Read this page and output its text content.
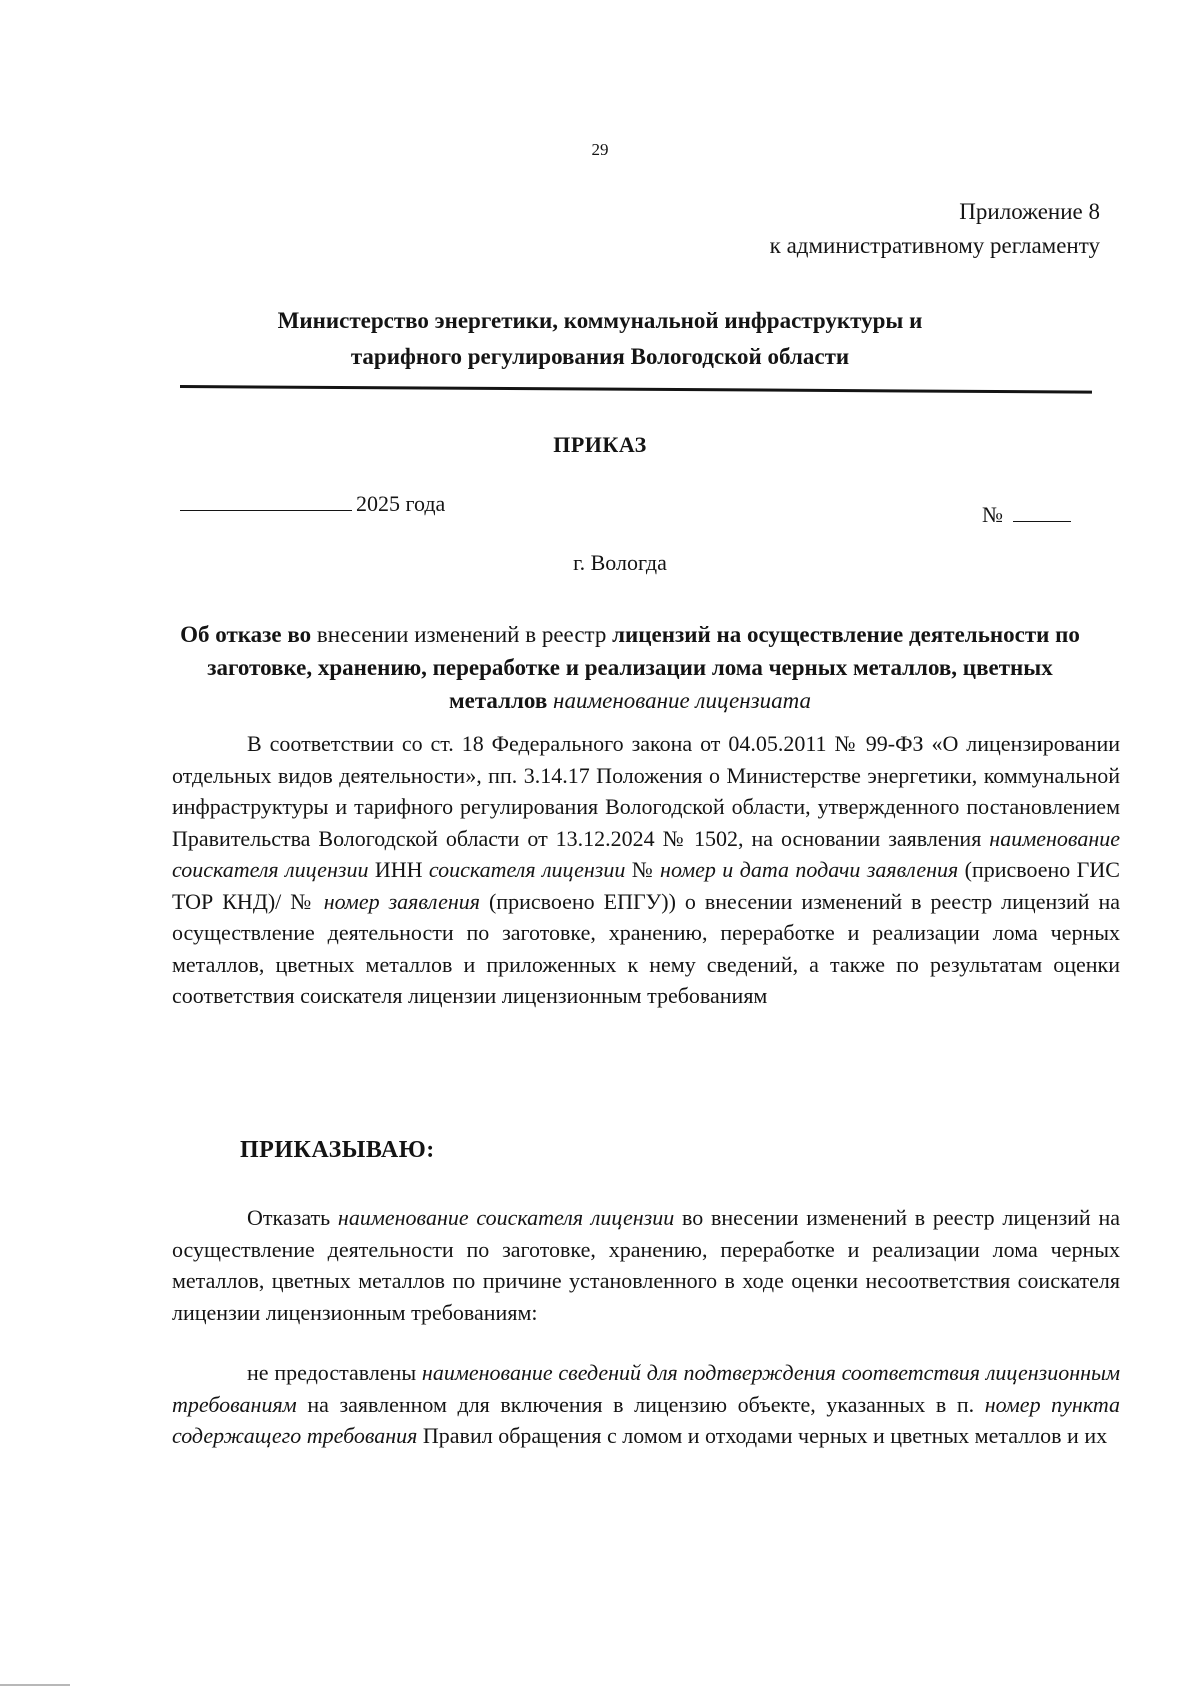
29
Приложение 8
к административному регламенту
Министерство энергетики, коммунальной инфраструктуры и
тарифного регулирования Вологодской области
ПРИКАЗ
2025 года	№
г. Вологда
Об отказе во внесении изменений в реестр лицензий на осуществление деятельности по заготовке, хранению, переработке и реализации лома черных металлов, цветных металлов наименование лицензиата
В соответствии со ст. 18 Федерального закона от 04.05.2011 № 99-ФЗ «О лицензировании отдельных видов деятельности», пп. 3.14.17 Положения о Министерстве энергетики, коммунальной инфраструктуры и тарифного регулирования Вологодской области, утвержденного постановлением Правительства Вологодской области от 13.12.2024 № 1502, на основании заявления наименование соискателя лицензии ИНН соискателя лицензии № номер и дата подачи заявления (присвоено ГИС ТОР КНД)/ № номер заявления (присвоено ЕПГУ)) о внесении изменений в реестр лицензий на осуществление деятельности по заготовке, хранению, переработке и реализации лома черных металлов, цветных металлов и приложенных к нему сведений, а также по результатам оценки соответствия соискателя лицензии лицензионным требованиям
ПРИКАЗЫВАЮ:
Отказать наименование соискателя лицензии во внесении изменений в реестр лицензий на осуществление деятельности по заготовке, хранению, переработке и реализации лома черных металлов, цветных металлов по причине установленного в ходе оценки несоответствия соискателя лицензии лицензионным требованиям:
не предоставлены наименование сведений для подтверждения соответствия лицензионным требованиям на заявленном для включения в лицензию объекте, указанных в п. номер пункта содержащего требования Правил обращения с ломом и отходами черных и цветных металлов и их
